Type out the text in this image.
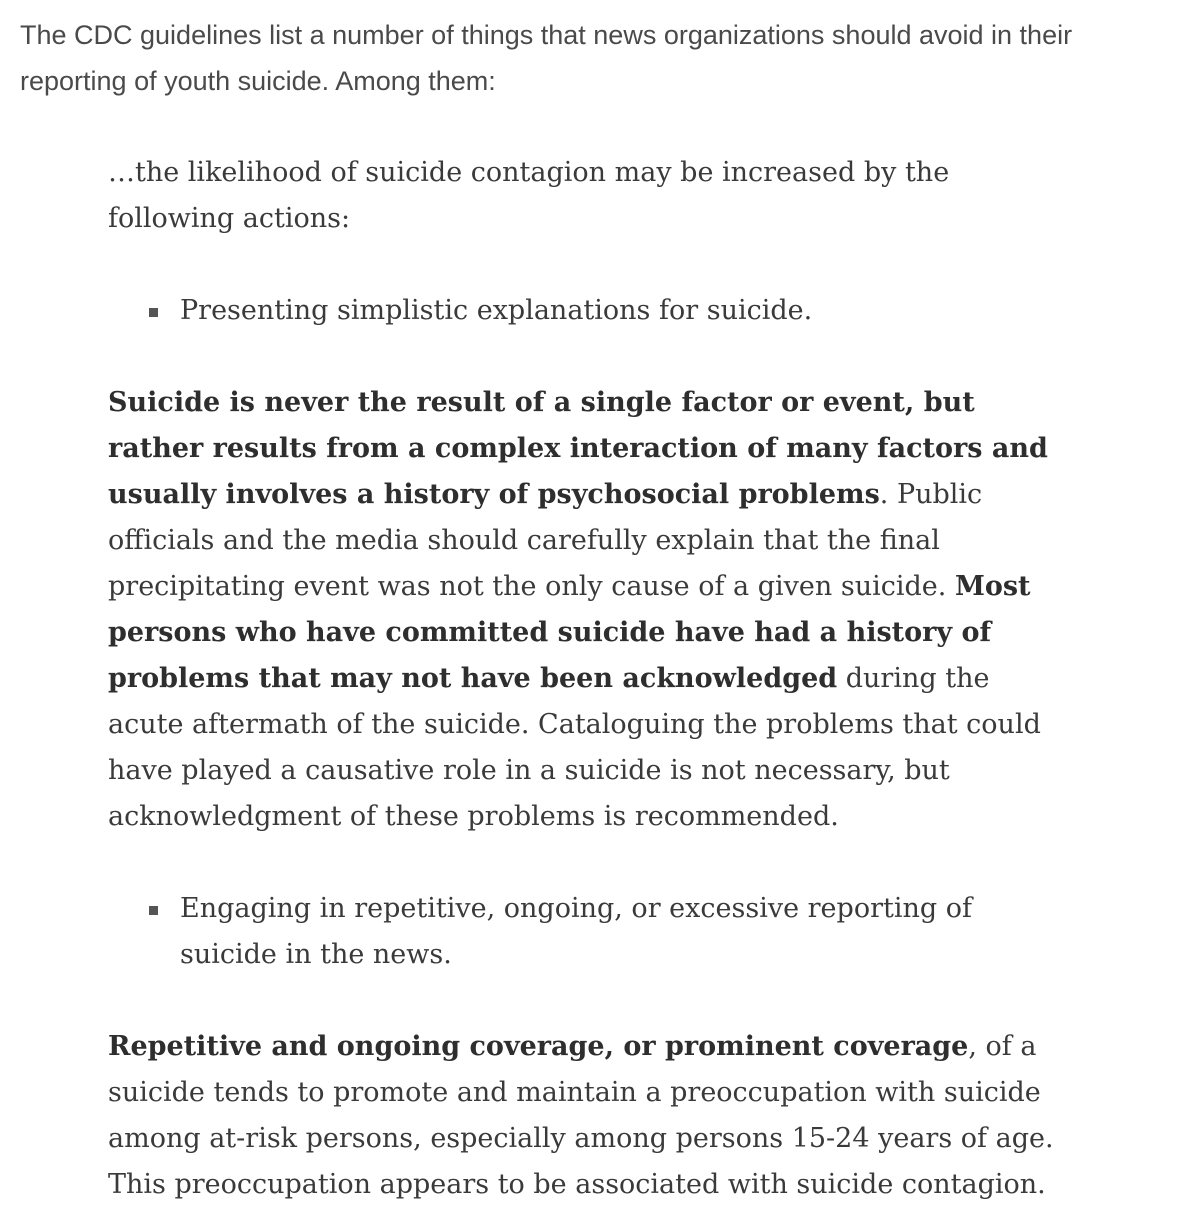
The CDC guidelines list a number of things that news organizations should avoid in their reporting of youth suicide. Among them:

…the likelihood of suicide contagion may be increased by the following actions:

Presenting simplistic explanations for suicide.

Suicide is never the result of a single factor or event, but rather results from a complex interaction of many factors and usually involves a history of psychosocial problems. Public officials and the media should carefully explain that the final precipitating event was not the only cause of a given suicide. Most persons who have committed suicide have had a history of problems that may not have been acknowledged during the acute aftermath of the suicide. Cataloguing the problems that could have played a causative role in a suicide is not necessary, but acknowledgment of these problems is recommended.

Engaging in repetitive, ongoing, or excessive reporting of suicide in the news.

Repetitive and ongoing coverage, or prominent coverage, of a suicide tends to promote and maintain a preoccupation with suicide among at-risk persons, especially among persons 15-24 years of age. This preoccupation appears to be associated with suicide contagion.
